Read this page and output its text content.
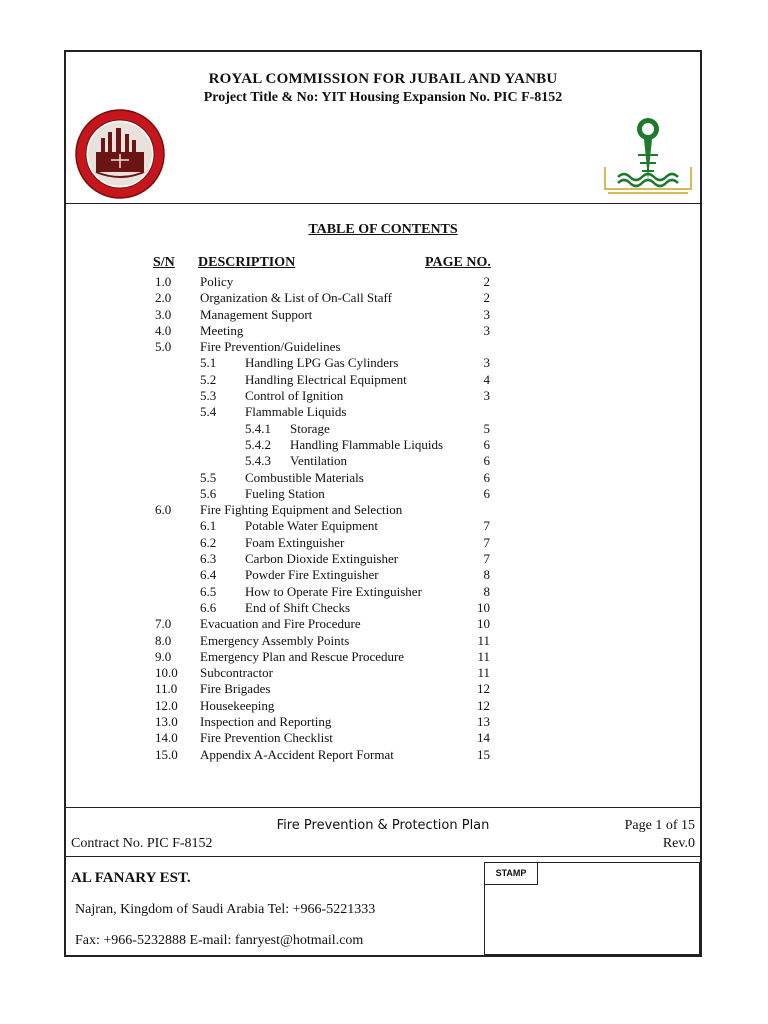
ROYAL COMMISSION FOR JUBAIL AND YANBU
Project Title & No: YIT Housing Expansion No. PIC F-8152
TABLE OF CONTENTS
S/N DESCRIPTION	PAGE NO.
1.0 Policy	2
2.0 Organization & List of On-Call Staff	2
3.0 Management Support	3
4.0 Meeting	3
5.0 Fire Prevention/Guidelines
5.1 Handling LPG Gas Cylinders	3
5.2 Handling Electrical Equipment	4
5.3 Control of Ignition	3
5.4 Flammable Liquids
5.4.1 Storage	5
5.4.2 Handling Flammable Liquids	6
5.4.3 Ventilation	6
5.5 Combustible Materials	6
5.6 Fueling Station	6
6.0 Fire Fighting Equipment and Selection
6.1 Potable Water Equipment	7
6.2 Foam Extinguisher	7
6.3 Carbon Dioxide Extinguisher	7
6.4 Powder Fire Extinguisher	8
6.5 How to Operate Fire Extinguisher	8
6.6 End of Shift Checks	10
7.0 Evacuation and Fire Procedure	10
8.0 Emergency Assembly Points	11
9.0 Emergency Plan and Rescue Procedure	11
10.0 Subcontractor	11
11.0 Fire Brigades	12
12.0 Housekeeping	12
13.0 Inspection and Reporting	13
14.0 Fire Prevention Checklist	14
15.0 Appendix A-Accident Report Format	15
Fire Prevention & Protection Plan
Contract No. PIC F-8152
Page 1 of 15
Rev.0
AL FANARY EST.
Najran, Kingdom of Saudi Arabia Tel: +966-5221333
Fax: +966-5232888 E-mail: fanryest@hotmail.com
STAMP
